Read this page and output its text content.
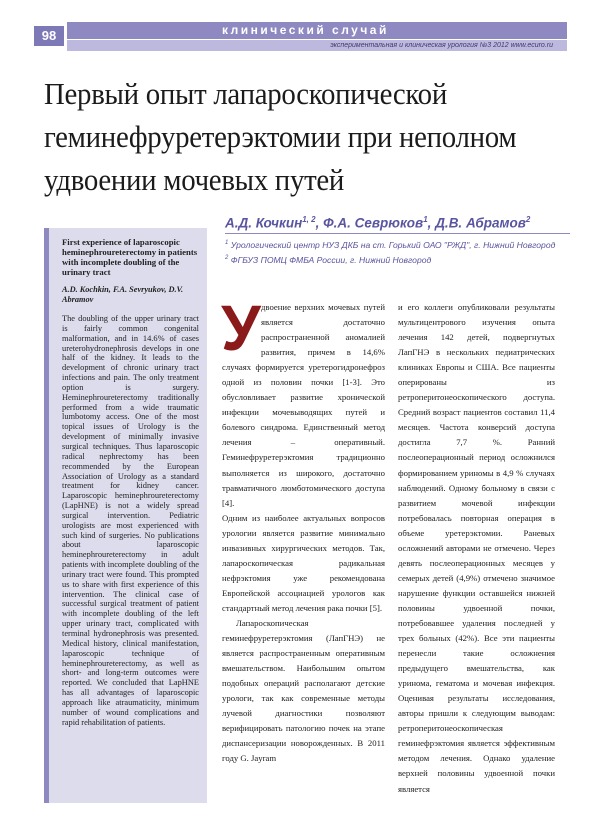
98	клинический случай
экспериментальная и клиническая урология №3 2012 www.ecuro.ru
Первый опыт лапароскопической
геминефруретерэктомии при неполном
удвоении мочевых путей
А.Д. Кочкин$^{1, 2}$, Ф.А. Севрюков$^1$, Д.В. Абрамов$^2$
$^1$ Урологический центр НУЗ ДКБ на ст. Горький ОАО "РЖД", г. Нижний Новгород
$^2$ ФГБУЗ ПОМЦ ФМБА России, г. Нижний Новгород
First experience of laparoscopic heminephroureterectomy in patients with incomplete doubling of the urinary tract
A.D. Kochkin, F.A. Sevryukov, D.V. Abramov
The doubling of the upper urinary tract is fairly common congenital malformation, and in 14.6% of cases ureterohydronephrosis develops in one half of the kidney. It leads to the development of chronic urinary tract infections and pain. The only treatment option is surgery. Heminephroureterectomy traditionally performed from a wide traumatic lumbotomy access. One of the most topical issues of Urology is the development of minimally invasive surgical techniques. Thus laparoscopic radical nephrectomy has been recommended by the European Association of Urology as a standard treatment for kidney cancer. Laparoscopic heminephroureterectomy (LapHNE) is not a widely spread surgical intervention. Pediatric urologists are most experienced with such kind of surgeries. No publications about laparoscopic heminephroureterectomy in adult patients with incomplete doubling of the urinary tract were found. This prompted us to share with first experience of this intervention. The clinical case of successful surgical treatment of patient with incomplete doubling of the left upper urinary tract, complicated with terminal hydronephrosis was presented. Medical history, clinical manifestation, laparoscopic technique of heminephroureterectomy, as well as short- and long-term outcomes were reported. We concluded that LapHNE has all advantages of laparoscopic approach like atraumaticity, minimum number of wound complications and rapid rehabilitation of patients.
У двоение верхних мочевых путей является достаточно распространенной аномалией развития, причем в 14,6% случаях формируется уретерогидронефроз одной из половин почки [1-3]. Это обусловливает развитие хронической инфекции мочевыводящих путей и болевого синдрома. Единственный метод лечения – оперативный. Геминефруретерэктомия традиционно выполняется из широкого, достаточно травматичного люмботомического доступа [4].

Одним из наиболее актуальных вопросов урологии является развитие минимально инвазивных хирургических методов. Так, лапароскопическая радикальная нефрэктомия уже рекомендована Европейской ассоциацией урологов как стандартный метод лечения рака почки [5].

Лапароскопическая геминефруретерэктомия (ЛапГНЭ) не является распространенным оперативным вмешательством. Наибольшим опытом подобных операций располагают детские урологи, так как современные методы лучевой диагностики позволяют верифицировать патологию почек на этапе диспансеризации новорожденных. В 2011 году G. Jayram

и его коллеги опубликовали результаты мультицентрового изучения опыта лечения 142 детей, подвергнутых ЛапГНЭ в нескольких педиатрических клиниках Европы и США. Все пациенты оперированы из ретроперитонеоскопического доступа. Средний возраст пациентов составил 11,4 месяцев. Частота конверсий доступа достигла 7,7 %. Ранний послеоперационный период осложнился формированием уриномы в 4,9 % случаях наблюдений. Одному больному в связи с развитием мочевой инфекции потребовалась повторная операция в объеме уретерэктомии. Раневых осложнений авторами не отмечено. Через девять послеоперационных месяцев у семерых детей (4,9%) отмечено значимое нарушение функции оставшейся нижней половины удвоенной почки, потребовавшее удаления последней у трех больных (42%). Все эти пациенты перенесли такие осложнения предыдущего вмешательства, как уринома, гематома и мочевая инфекция. Оценивая результаты исследования, авторы пришли к следующим выводам: ретроперитонеоскопическая геминефрэктомия является эффективным методом лечения. Однако удаление верхней половины удвоенной почки является
